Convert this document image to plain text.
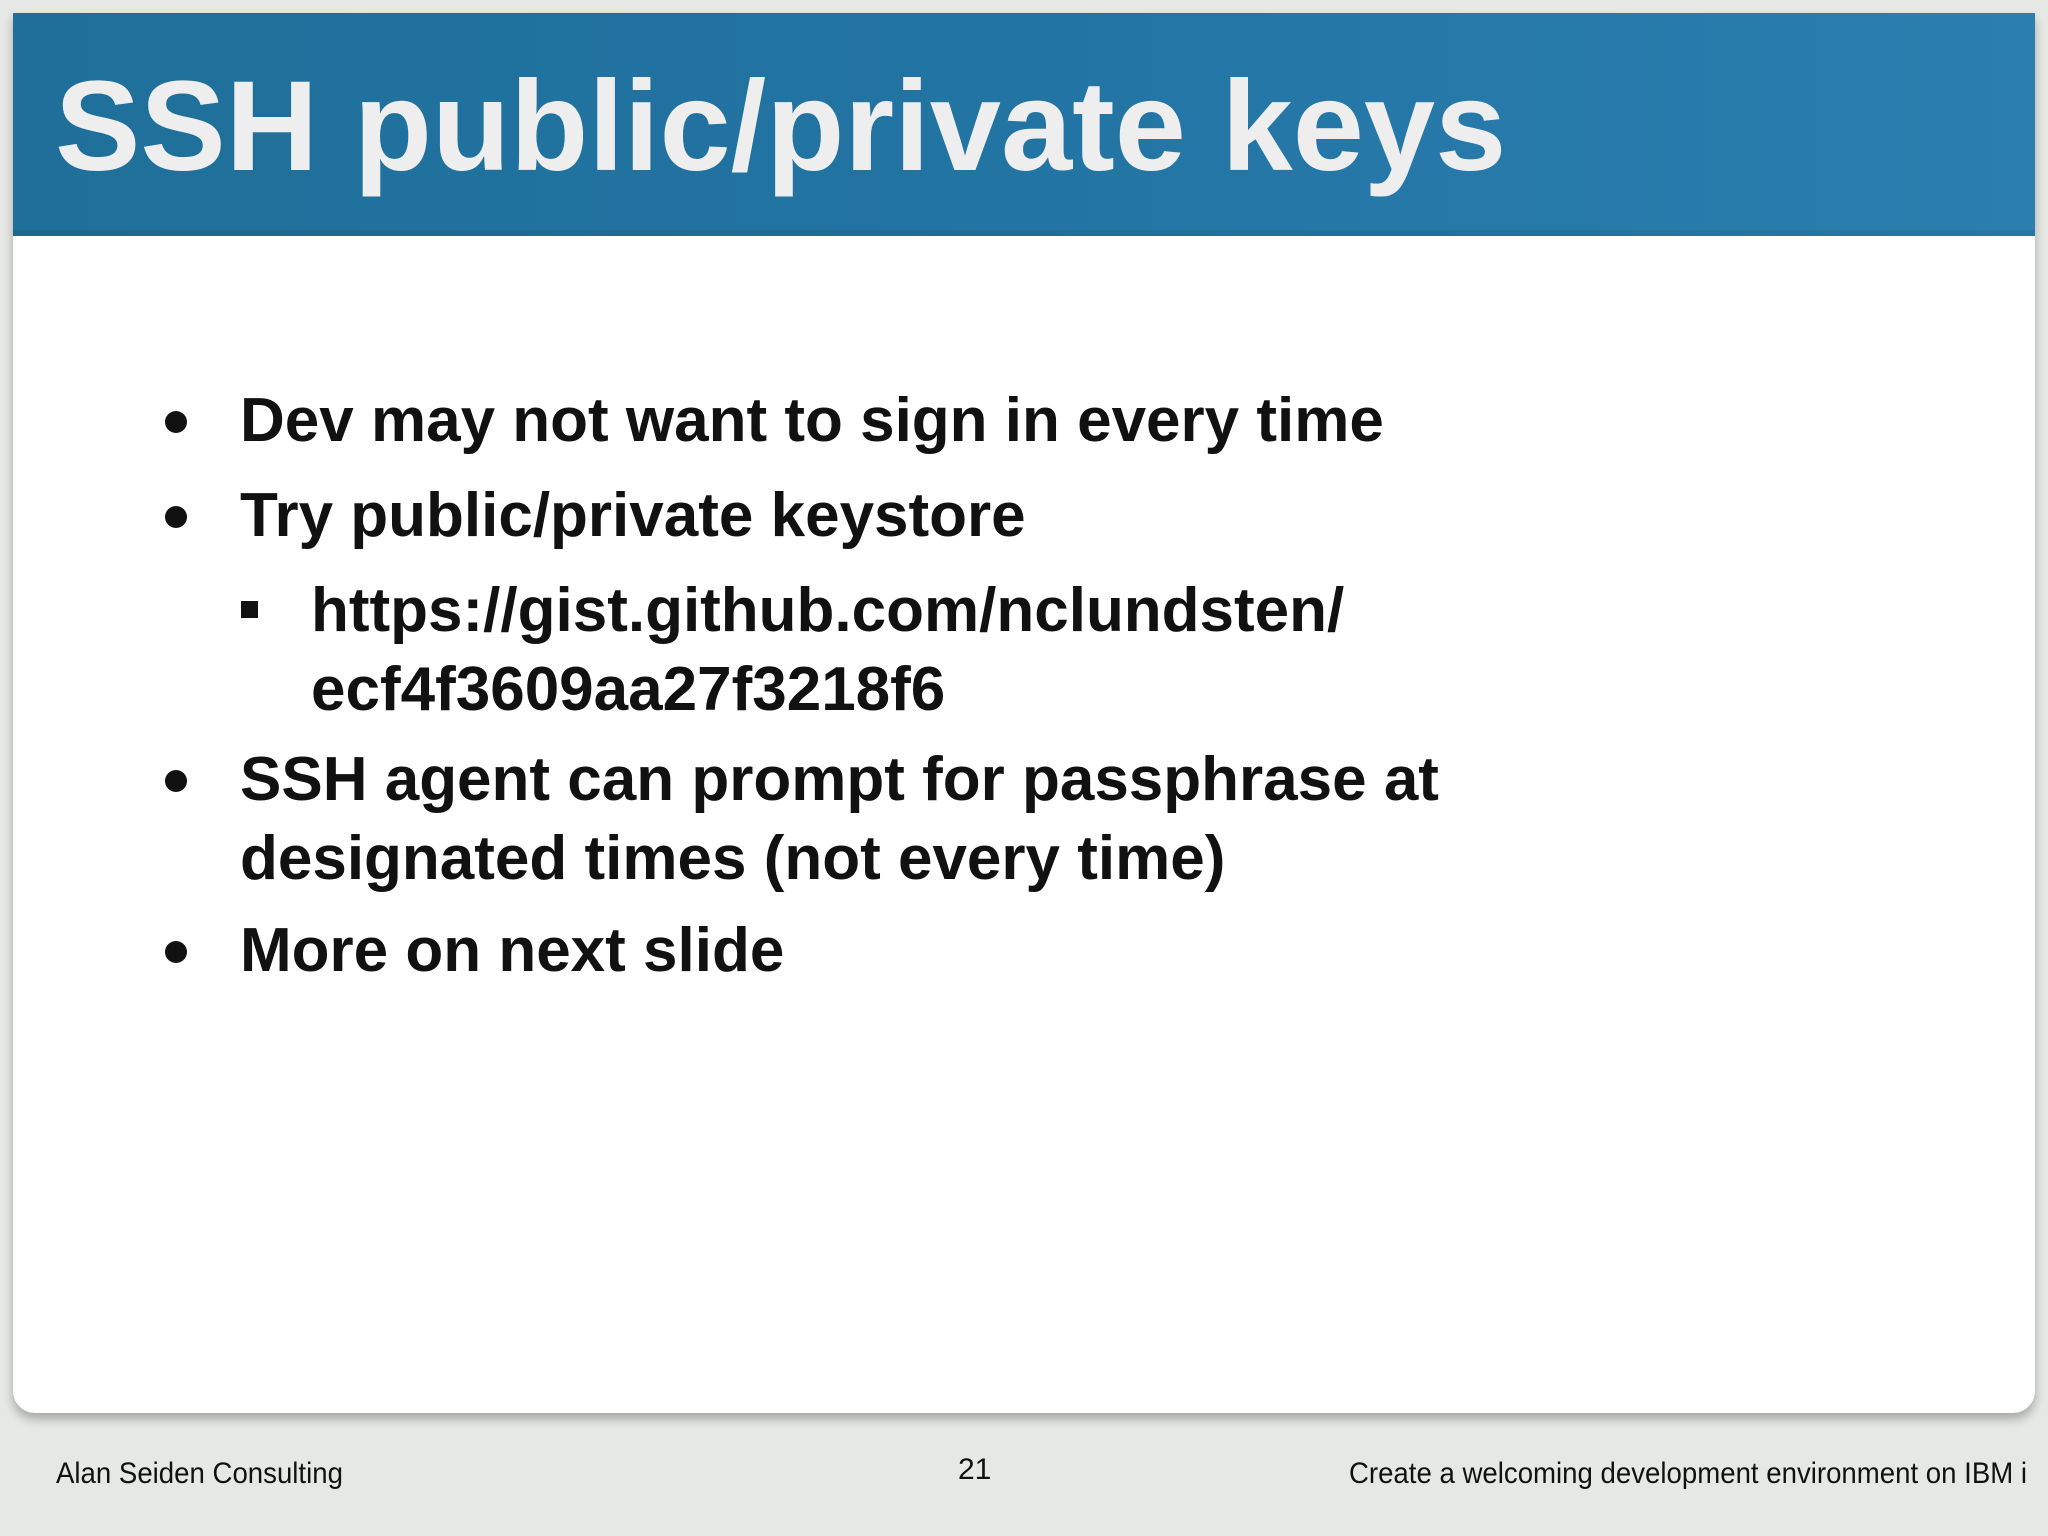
SSH public/private keys
Dev may not want to sign in every time
Try public/private keystore
https://gist.github.com/nclundsten/
ecf4f3609aa27f3218f6
SSH agent can prompt for passphrase at
designated times (not every time)
More on next slide
Alan Seiden Consulting	21	Create a welcoming development environment on IBM i
